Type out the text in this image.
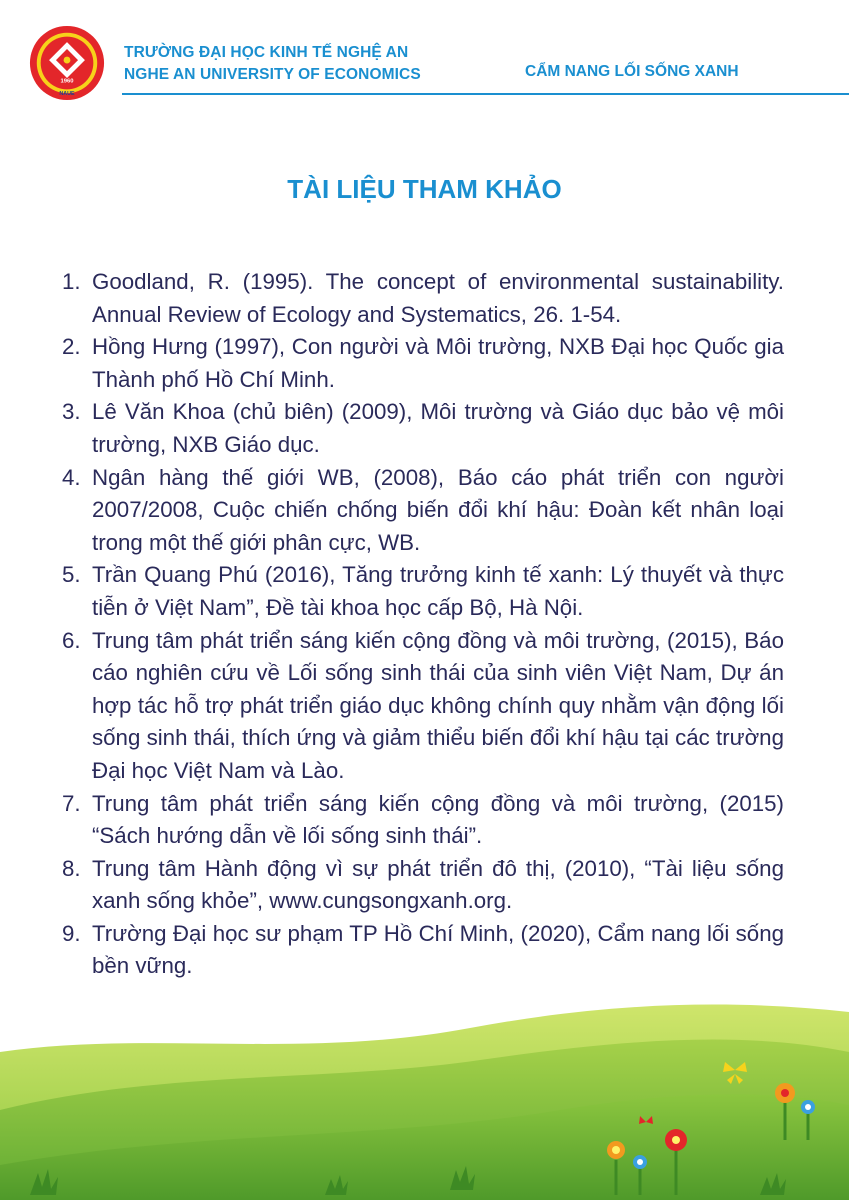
1960
NAUE
TRƯỜNG ĐẠI HỌC KINH TẾ NGHỆ AN
NGHE AN UNIVERSITY OF ECONOMICS	CẨM NANG LỐI SỐNG XANH
TÀI LIỆU THAM KHẢO
1. Goodland, R. (1995). The concept of environmental sustainability. Annual Review of Ecology and Systematics, 26. 1-54.
2. Hồng Hưng (1997), Con người và Môi trường, NXB Đại học Quốc gia Thành phố Hồ Chí Minh.
3. Lê Văn Khoa (chủ biên) (2009), Môi trường và Giáo dục bảo vệ môi trường, NXB Giáo dục.
4. Ngân hàng thế giới WB, (2008), Báo cáo phát triển con người 2007/2008, Cuộc chiến chống biến đổi khí hậu: Đoàn kết nhân loại trong một thế giới phân cực, WB.
5. Trần Quang Phú (2016), Tăng trưởng kinh tế xanh: Lý thuyết và thực tiễn ở Việt Nam”, Đề tài khoa học cấp Bộ, Hà Nội.
6. Trung tâm phát triển sáng kiến cộng đồng và môi trường, (2015), Báo cáo nghiên cứu về Lối sống sinh thái của sinh viên Việt Nam, Dự án hợp tác hỗ trợ phát triển giáo dục không chính quy nhằm vận động lối sống sinh thái, thích ứng và giảm thiểu biến đổi khí hậu tại các trường Đại học Việt Nam và Lào.
7. Trung tâm phát triển sáng kiến cộng đồng và môi trường, (2015) “Sách hướng dẫn về lối sống sinh thái”.
8. Trung tâm Hành động vì sự phát triển đô thị, (2010), “Tài liệu sống xanh sống khỏe”, www.cungsongxanh.org.
9. Trường Đại học sư phạm TP Hồ Chí Minh, (2020), Cẩm nang lối sống bền vững.
